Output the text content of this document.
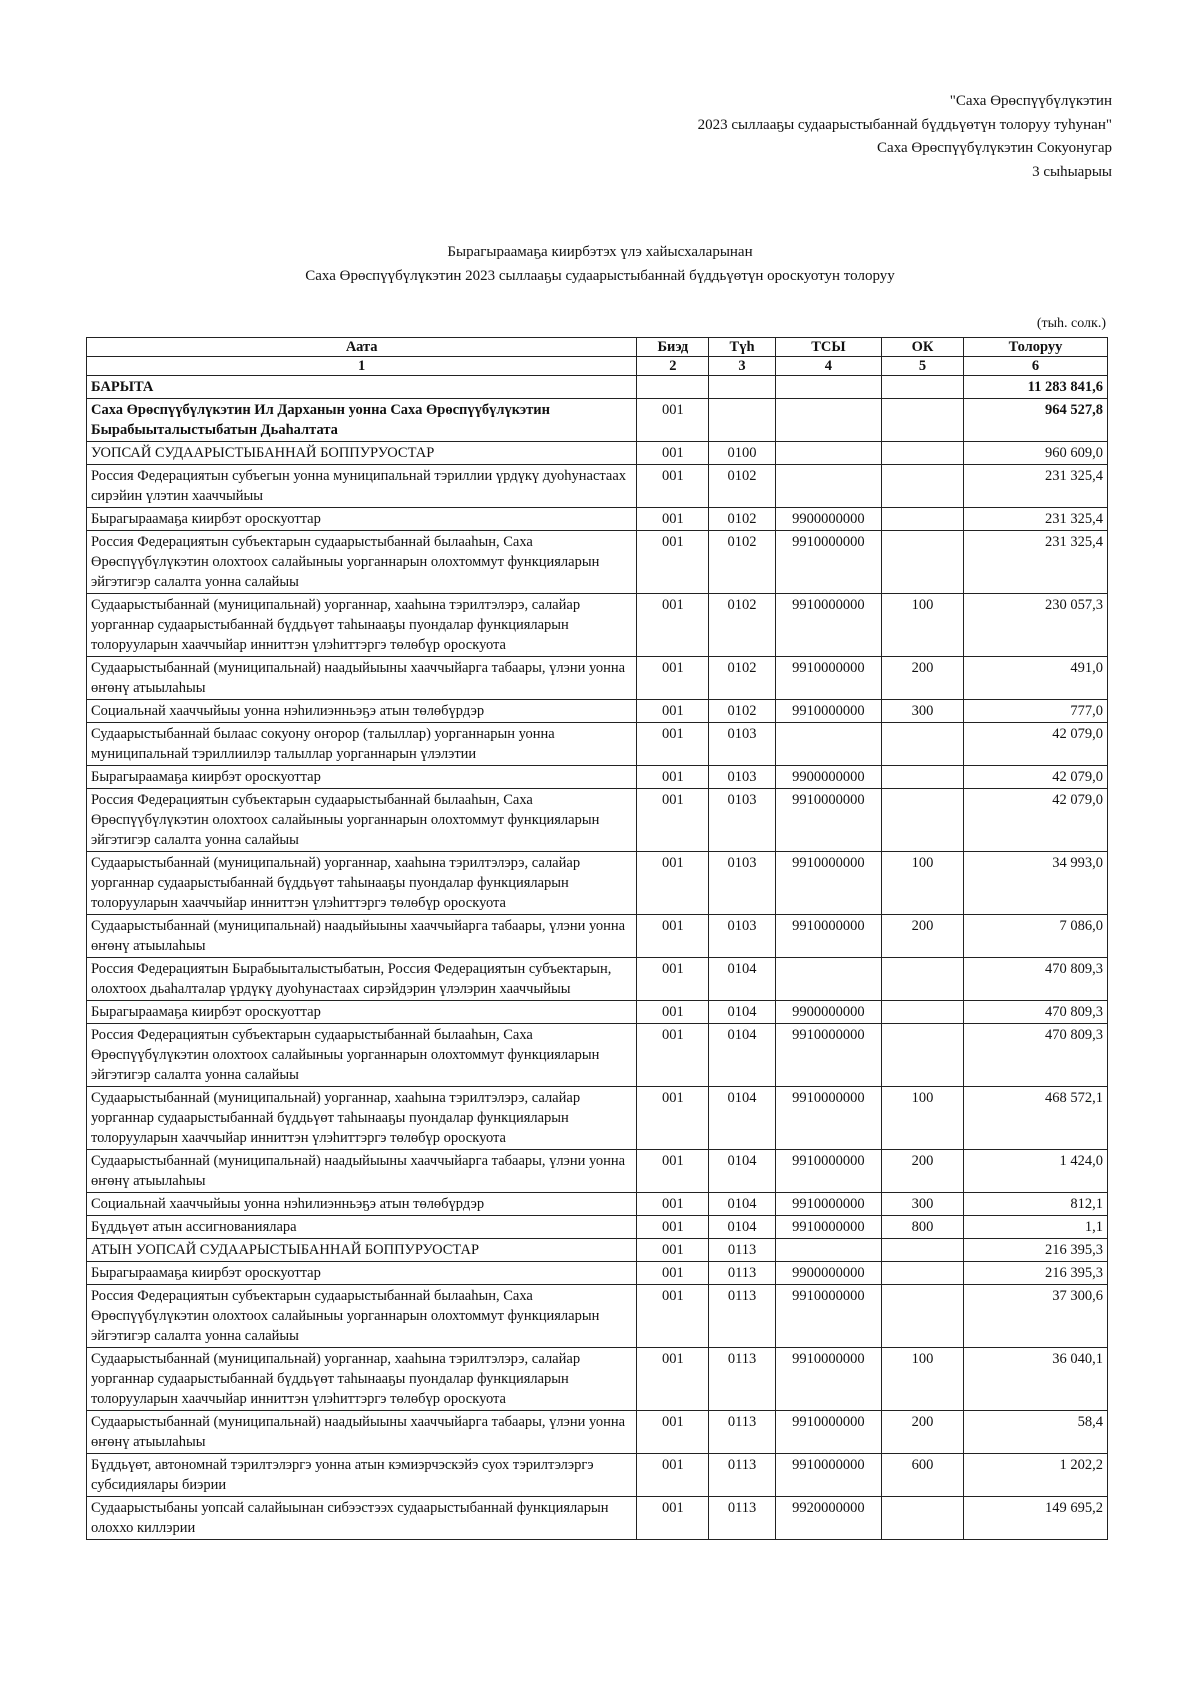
"Саха Өрөспүүбүлүкэтин
2023 сыллааҕы судаарыстыбаннай бүддьүөтүн толоруу туһунан"
Саха Өрөспүүбүлүкэтин Сокуонугар
3 сыһыарыы
Бырагыраамаҕа киирбэтэх үлэ хайысхаларынан
Саха Өрөспүүбүлүкэтин 2023 сыллааҕы судаарыстыбаннай бүддьүөтүн ороскуотун толоруу
(тыһ. солк.)
Аата	Биэд	Түһ	ТСЫ	ОК	Толоруу
1	2	3	4	5	6
БАРЫТА					11 283 841,6
Саха Өрөспүүбүлүкэтин Ил Дарханын уонна Саха Өрөспүүбүлүкэтин Бырабыыталыстыбатын Дьаһалтата	001				964 527,8
УОПСАЙ СУДААРЫСТЫБАННАЙ БОППУРУОСТАР	001	0100			960 609,0
Россия Федерациятын субъегын уонна муниципальнай тэриллии үрдүкү дуоһунастаах сирэйин үлэтин хааччыйыы	001	0102			231 325,4
Бырагыраамаҕа киирбэт ороскуоттар	001	0102	9900000000		231 325,4
Россия Федерациятын субъектарын судаарыстыбаннай былааһын, Саха Өрөспүүбүлүкэтин олохтоох салайыныы уорганнарын олохтоммут функцияларын эйгэтигэр салалта уонна салайыы	001	0102	9910000000		231 325,4
Судаарыстыбаннай (муниципальнай) уорганнар, хааһына тэрилтэлэрэ, салайар уорганнар судаарыстыбаннай бүддьүөт таһынааҕы пуондалар функцияларын толорууларын хааччыйар инниттэн үлэһиттэргэ төлөбүр ороскуота	001	0102	9910000000	100	230 057,3
Судаарыстыбаннай (муниципальнай) наадыйыыны хааччыйарга табаары, үлэни уонна өҥөнү атыылаһыы	001	0102	9910000000	200	491,0
Социальнай хааччыйыы уонна нэһилиэнньэҕэ атын төлөбүрдэр	001	0102	9910000000	300	777,0
Судаарыстыбаннай былаас сокуону оҥорор (талыллар) уорганнарын уонна муниципальнай тэриллиилэр талыллар уорганнарын үлэлэтии	001	0103			42 079,0
Бырагыраамаҕа киирбэт ороскуоттар	001	0103	9900000000		42 079,0
Россия Федерациятын субъектарын судаарыстыбаннай былааһын, Саха Өрөспүүбүлүкэтин олохтоох салайыныы уорганнарын олохтоммут функцияларын эйгэтигэр салалта уонна салайыы	001	0103	9910000000		42 079,0
Судаарыстыбаннай (муниципальнай) уорганнар, хааһына тэрилтэлэрэ, салайар уорганнар судаарыстыбаннай бүддьүөт таһынааҕы пуондалар функцияларын толорууларын хааччыйар инниттэн үлэһиттэргэ төлөбүр ороскуота	001	0103	9910000000	100	34 993,0
Судаарыстыбаннай (муниципальнай) наадыйыыны хааччыйарга табаары, үлэни уонна өҥөнү атыылаһыы	001	0103	9910000000	200	7 086,0
Россия Федерациятын Бырабыыталыстыбатын, Россия Федерациятын субъектарын, олохтоох дьаһалталар үрдүкү дуоһунастаах сирэйдэрин үлэлэрин хааччыйыы	001	0104			470 809,3
Бырагыраамаҕа киирбэт ороскуоттар	001	0104	9900000000		470 809,3
Россия Федерациятын субъектарын судаарыстыбаннай былааһын, Саха Өрөспүүбүлүкэтин олохтоох салайыныы уорганнарын олохтоммут функцияларын эйгэтигэр салалта уонна салайыы	001	0104	9910000000		470 809,3
Судаарыстыбаннай (муниципальнай) уорганнар, хааһына тэрилтэлэрэ, салайар уорганнар судаарыстыбаннай бүддьүөт таһынааҕы пуондалар функцияларын толорууларын хааччыйар инниттэн үлэһиттэргэ төлөбүр ороскуота	001	0104	9910000000	100	468 572,1
Судаарыстыбаннай (муниципальнай) наадыйыыны хааччыйарга табаары, үлэни уонна өҥөнү атыылаһыы	001	0104	9910000000	200	1 424,0
Социальнай хааччыйыы уонна нэһилиэнньэҕэ атын төлөбүрдэр	001	0104	9910000000	300	812,1
Бүддьүөт атын ассигнованиялара	001	0104	9910000000	800	1,1
АТЫН УОПСАЙ СУДААРЫСТЫБАННАЙ БОППУРУОСТАР	001	0113			216 395,3
Бырагыраамаҕа киирбэт ороскуоттар	001	0113	9900000000		216 395,3
Россия Федерациятын субъектарын судаарыстыбаннай былааһын, Саха Өрөспүүбүлүкэтин олохтоох салайыныы уорганнарын олохтоммут функцияларын эйгэтигэр салалта уонна салайыы	001	0113	9910000000		37 300,6
Судаарыстыбаннай (муниципальнай) уорганнар, хааһына тэрилтэлэрэ, салайар уорганнар судаарыстыбаннай бүддьүөт таһынааҕы пуондалар функцияларын толорууларын хааччыйар инниттэн үлэһиттэргэ төлөбүр ороскуота	001	0113	9910000000	100	36 040,1
Судаарыстыбаннай (муниципальнай) наадыйыыны хааччыйарга табаары, үлэни уонна өҥөнү атыылаһыы	001	0113	9910000000	200	58,4
Бүддьүөт, автономнай тэрилтэлэргэ уонна атын кэмиэрчэскэйэ суох тэрилтэлэргэ субсидиялары биэрии	001	0113	9910000000	600	1 202,2
Судаарыстыбаны уопсай салайыынан сибээстээх судаарыстыбаннай функцияларын олоххо киллэрии	001	0113	9920000000		149 695,2
